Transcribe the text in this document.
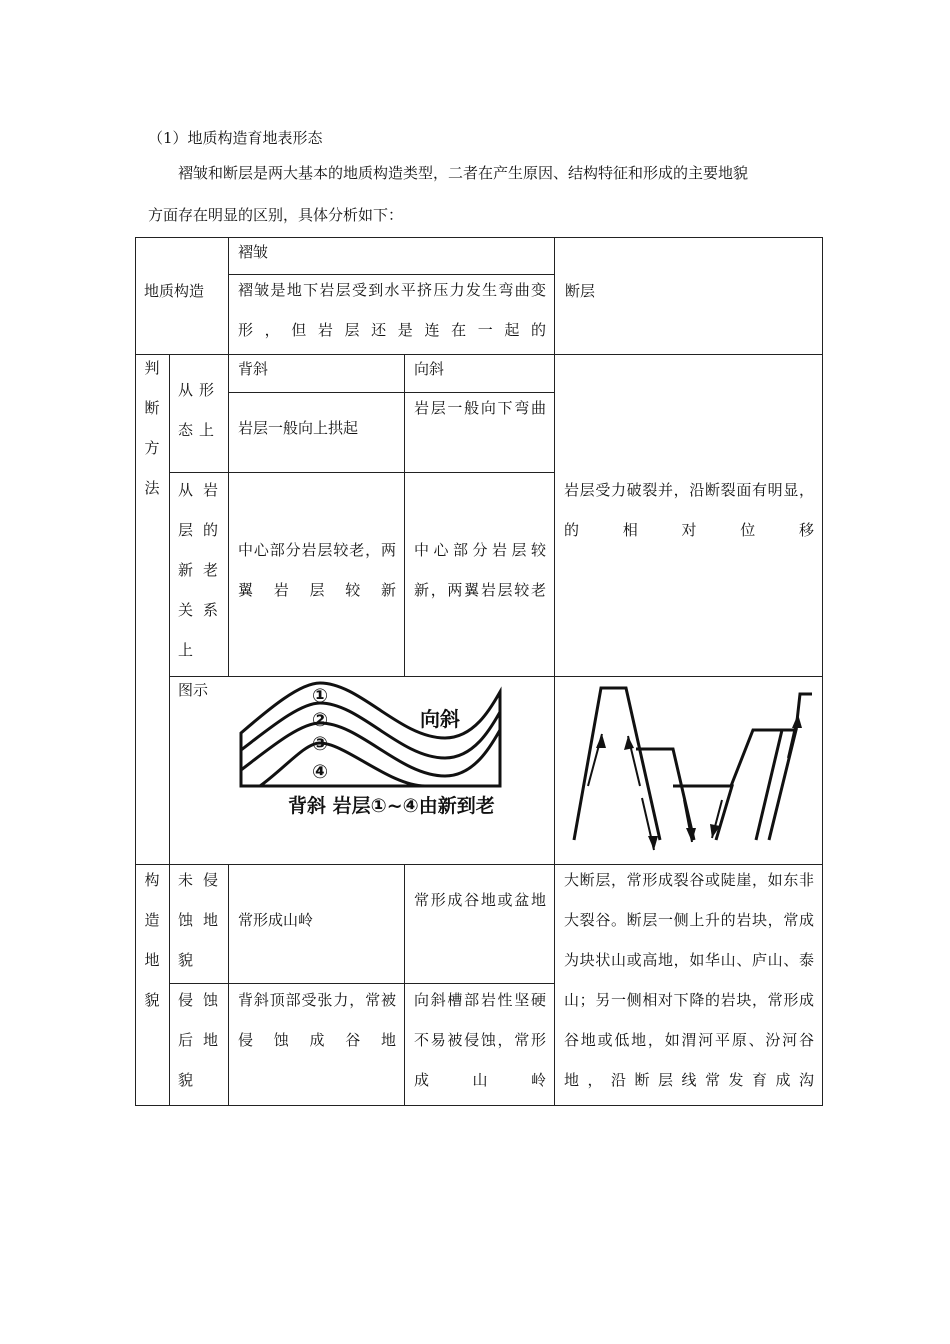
（1）地质构造育地表形态
褶皱和断层是两大基本的地质构造类型，二者在产生原因、结构特征和形成的主要地貌
方面存在明显的区别，具体分析如下：
地质构造
褶皱
褶皱是地下岩层受到水平挤压力发生弯曲变形，但岩层还是连在一起的
断层
判断方法
从形态上
背斜	向斜
岩层一般向上拱起
岩层一般向下弯曲
从岩层的新老关系上
中心部分岩层较老，两翼岩层较新
中心部分岩层较新，两翼岩层较老
岩层受力破裂并，沿断裂面有明显，的相对位移
图示	①
②
③
④
向斜
背斜 岩层①~④由新到老
构造地貌
未侵蚀地貌
常形成山岭
常形成谷地或盆地
侵蚀后地貌
背斜顶部受张力，常被侵蚀成谷地
向斜槽部岩性坚硬不易被侵蚀，常形成山岭
大断层，常形成裂谷或陡崖，如东非大裂谷。断层一侧上升的岩块，常成为块状山或高地，如华山、庐山、泰山；另一侧相对下降的岩块，常形成谷地或低地，如渭河平原、汾河谷地，沿断层线常发育成沟
